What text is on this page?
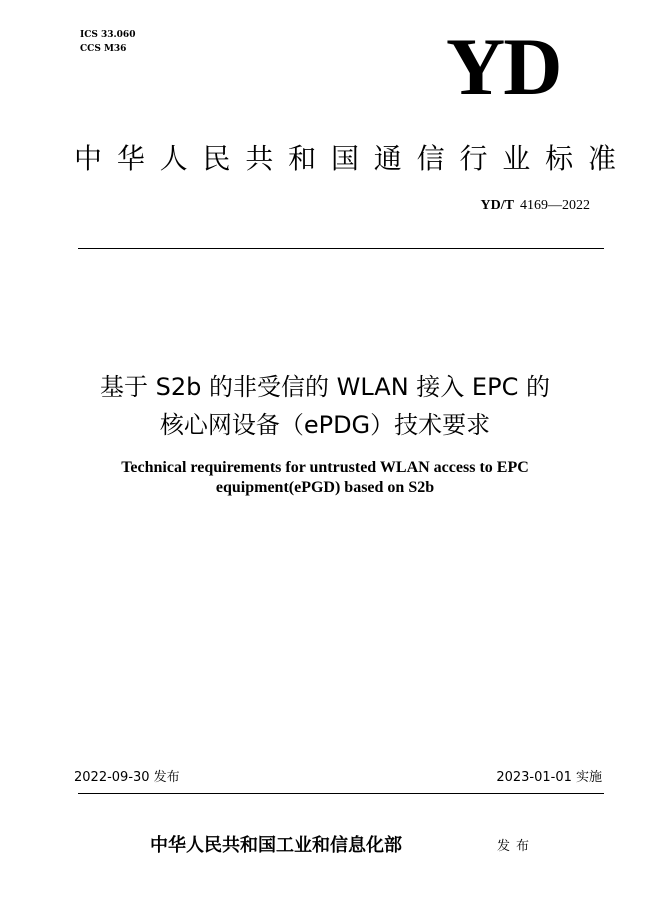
ICS 33.060
CCS M36	YD
中 华 人 民 共 和 国 通 信 行 业 标 准
YD/T 4169—2022
基于 S2b 的非受信的 WLAN 接入 EPC 的
核心网设备（ePDG）技术要求
Technical requirements for untrusted WLAN access to EPC
equipment(ePGD) based on S2b
2022-09-30 发布	2023-01-01 实施
中华人民共和国工业和信息化部	发布
